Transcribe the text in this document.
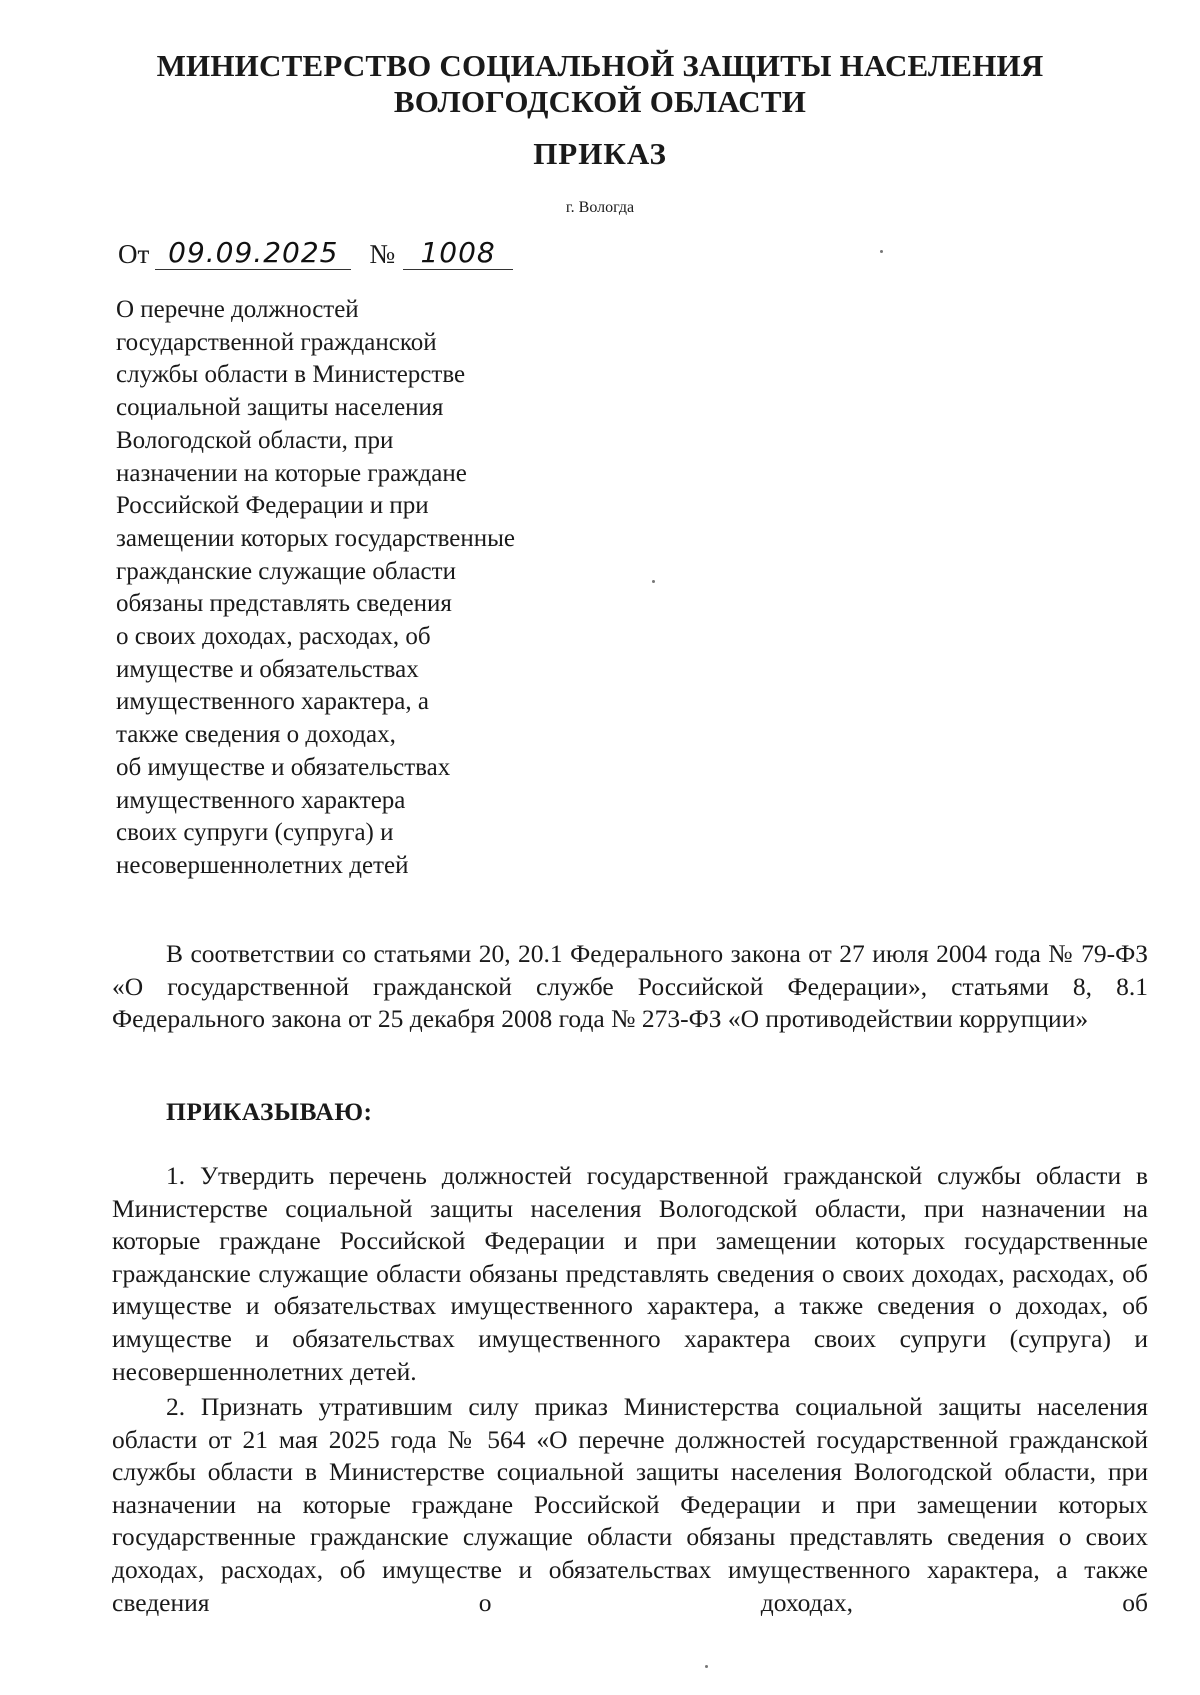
МИНИСТЕРСТВО СОЦИАЛЬНОЙ ЗАЩИТЫ НАСЕЛЕНИЯ
ВОЛОГОДСКОЙ ОБЛАСТИ
ПРИКАЗ
г. Вологда
От 09.09.2025 № 1008
О перечне должностей
государственной гражданской
службы области в Министерстве
социальной защиты населения
Вологодской области, при
назначении на которые граждане
Российской Федерации и при
замещении которых государственные
гражданские служащие области
обязаны представлять сведения
о своих доходах, расходах, об
имуществе и обязательствах
имущественного характера, а
также сведения о доходах,
об имуществе и обязательствах
имущественного характера
своих супруги (супруга) и
несовершеннолетних детей

В соответствии со статьями 20, 20.1 Федерального закона от 27 июля 2004 года № 79-ФЗ «О государственной гражданской службе Российской Федерации», статьями 8, 8.1 Федерального закона от 25 декабря 2008 года № 273-ФЗ «О противодействии коррупции»

ПРИКАЗЫВАЮ:

1. Утвердить перечень должностей государственной гражданской службы области в Министерстве социальной защиты населения Вологодской области, при назначении на которые граждане Российской Федерации и при замещении которых государственные гражданские служащие области обязаны представлять сведения о своих доходах, расходах, об имуществе и обязательствах имущественного характера, а также сведения о доходах, об имуществе и обязательствах имущественного характера своих супруги (супруга) и несовершеннолетних детей.

2. Признать утратившим силу приказ Министерства социальной защиты населения области от 21 мая 2025 года № 564 «О перечне должностей государственной гражданской службы области в Министерстве социальной защиты населения Вологодской области, при назначении на которые граждане Российской Федерации и при замещении которых государственные гражданские служащие области обязаны представлять сведения о своих доходах, расходах, об имуществе и обязательствах имущественного характера, а также сведения о доходах, об
